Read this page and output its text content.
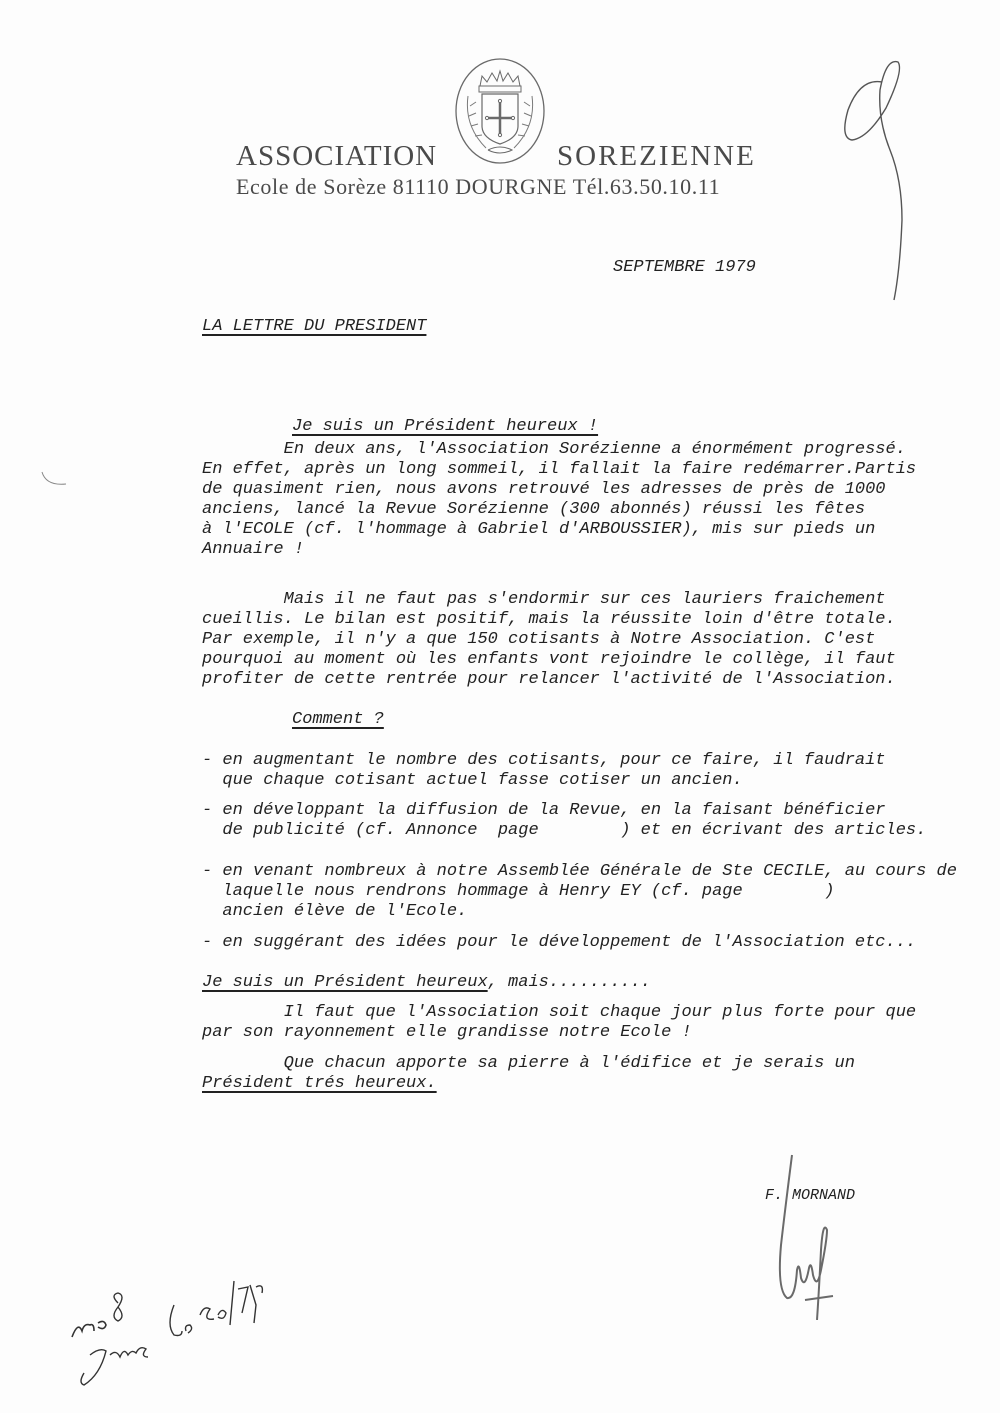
ASSOCIATION	SOREZIENNE
Ecole de Sorèze 81110 DOURGNE Tél.63.50.10.11
SEPTEMBRE 1979
LA LETTRE DU PRESIDENT
Je suis un Président heureux !
En deux ans, l'Association Sorézienne a énormément progressé.
En effet, après un long sommeil, il fallait la faire redémarrer.Partis
de quasiment rien, nous avons retrouvé les adresses de près de 1000
anciens, lancé la Revue Sorézienne (300 abonnés) réussi les fêtes
à l'ECOLE (cf. l'hommage à Gabriel d'ARBOUSSIER), mis sur pieds un
Annuaire !
Mais il ne faut pas s'endormir sur ces lauriers fraichement
cueillis. Le bilan est positif, mais la réussite loin d'être totale.
Par exemple, il n'y a que 150 cotisants à Notre Association. C'est
pourquoi au moment où les enfants vont rejoindre le collège, il faut
profiter de cette rentrée pour relancer l'activité de l'Association.
Comment ?
- en augmentant le nombre des cotisants, pour ce faire, il faudrait
que chaque cotisant actuel fasse cotiser un ancien.
- en développant la diffusion de la Revue, en la faisant bénéficier
de publicité (cf. Annonce  page        ) et en écrivant des articles.
- en venant nombreux à notre Assemblée Générale de Ste CECILE, au cours de
laquelle nous rendrons hommage à Henry EY (cf. page        )
ancien élève de l'Ecole.
- en suggérant des idées pour le développement de l'Association etc...
Je suis un Président heureux, mais..........
Il faut que l'Association soit chaque jour plus forte pour que
par son rayonnement elle grandisse notre Ecole !
Que chacun apporte sa pierre à l'édifice et je serais un
Président trés heureux.
F. MORNAND
